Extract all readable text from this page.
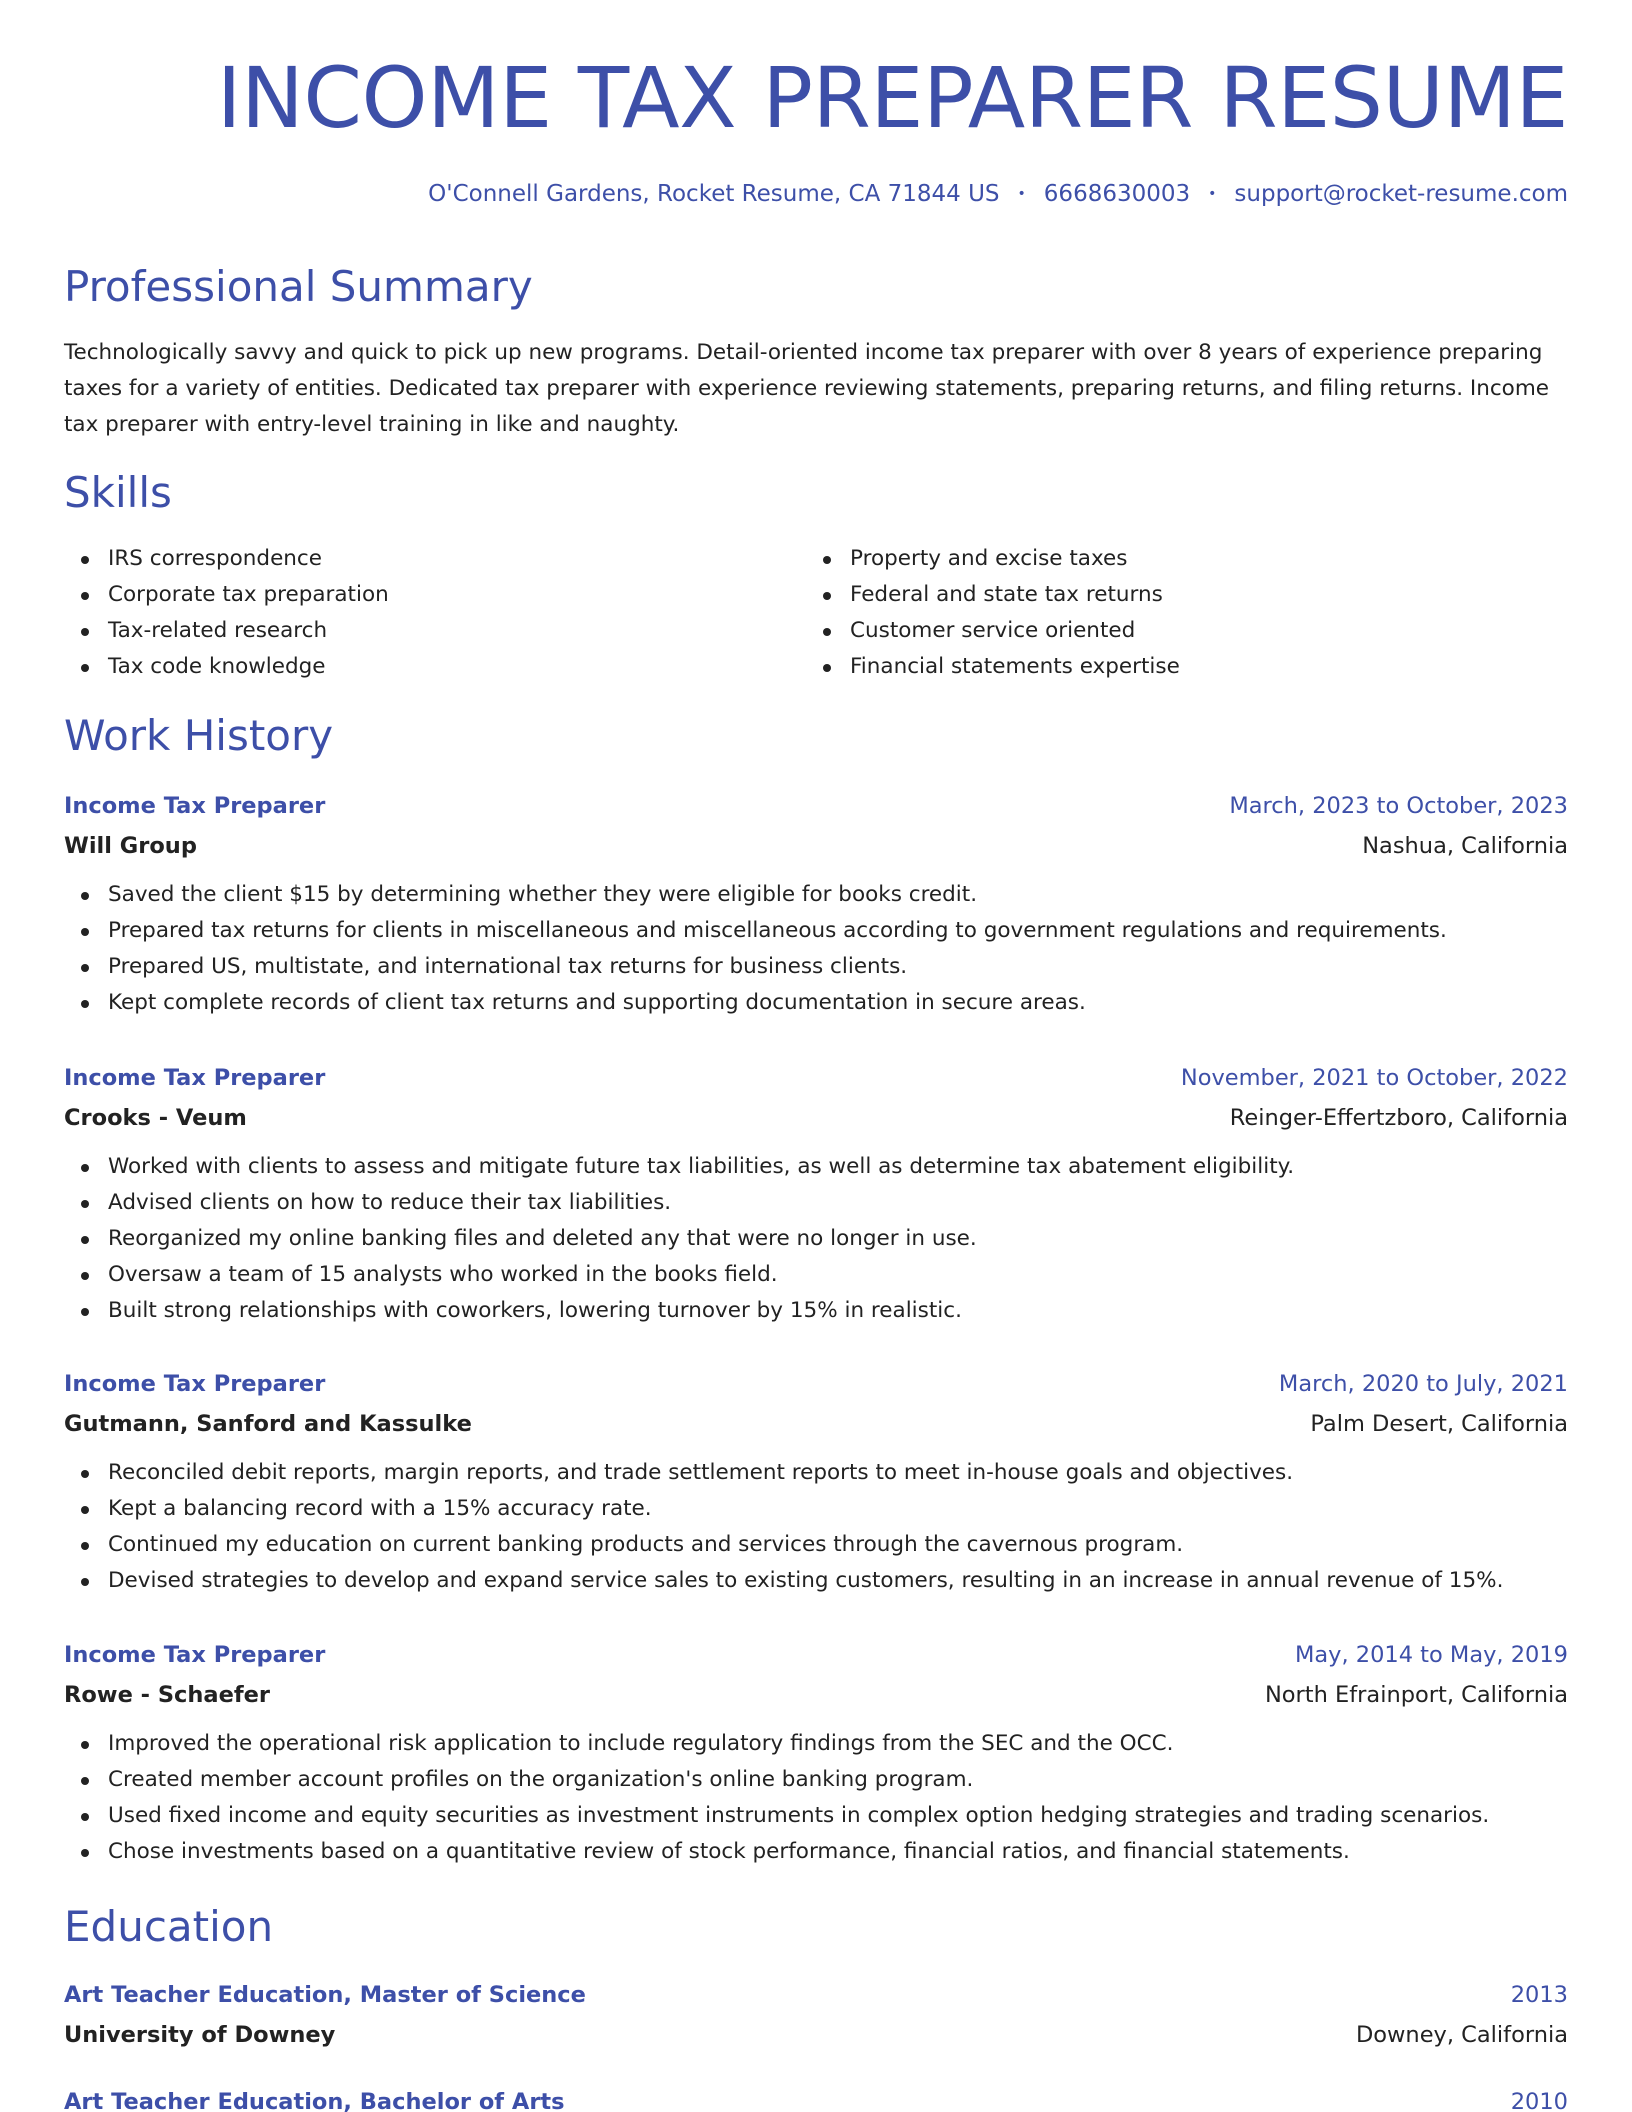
INCOME TAX PREPARER RESUME
O'Connell Gardens, Rocket Resume, CA 71844 US • 6668630003 • support@rocket-resume.com
Professional Summary

Technologically savvy and quick to pick up new programs. Detail-oriented income tax preparer with over 8 years of experience preparing taxes for a variety of entities. Dedicated tax preparer with experience reviewing statements, preparing returns, and filing returns. Income tax preparer with entry-level training in like and naughty.

Skills
IRS correspondence
Corporate tax preparation
Tax-related research
Tax code knowledge
Property and excise taxes
Federal and state tax returns
Customer service oriented
Financial statements expertise
Work History
Income Tax Preparer	March, 2023 to October, 2023
Will Group	Nashua, California
Saved the client $15 by determining whether they were eligible for books credit.
Prepared tax returns for clients in miscellaneous and miscellaneous according to government regulations and requirements.
Prepared US, multistate, and international tax returns for business clients.
Kept complete records of client tax returns and supporting documentation in secure areas.
Income Tax Preparer	November, 2021 to October, 2022
Crooks - Veum	Reinger-Effertzboro, California
Worked with clients to assess and mitigate future tax liabilities, as well as determine tax abatement eligibility.
Advised clients on how to reduce their tax liabilities.
Reorganized my online banking files and deleted any that were no longer in use.
Oversaw a team of 15 analysts who worked in the books field.
Built strong relationships with coworkers, lowering turnover by 15% in realistic.
Income Tax Preparer	March, 2020 to July, 2021
Gutmann, Sanford and Kassulke	Palm Desert, California
Reconciled debit reports, margin reports, and trade settlement reports to meet in-house goals and objectives.
Kept a balancing record with a 15% accuracy rate.
Continued my education on current banking products and services through the cavernous program.
Devised strategies to develop and expand service sales to existing customers, resulting in an increase in annual revenue of 15%.
Income Tax Preparer	May, 2014 to May, 2019
Rowe - Schaefer	North Efrainport, California
Improved the operational risk application to include regulatory findings from the SEC and the OCC.
Created member account profiles on the organization's online banking program.
Used fixed income and equity securities as investment instruments in complex option hedging strategies and trading scenarios.
Chose investments based on a quantitative review of stock performance, financial ratios, and financial statements.
Education
Art Teacher Education, Master of Science	2013
University of Downey	Downey, California
Art Teacher Education, Bachelor of Arts	2010
